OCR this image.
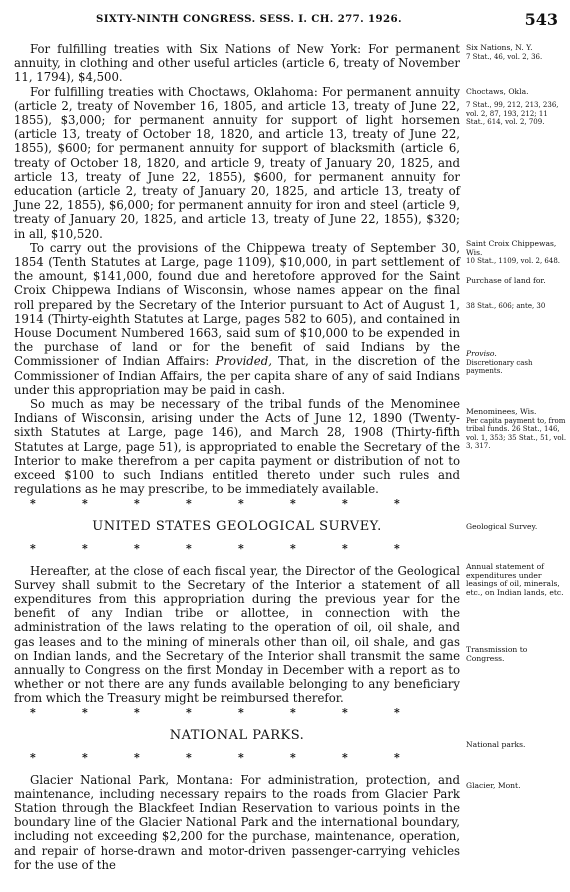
SIXTY-NINTH CONGRESS. SESS. I. CH. 277. 1926.	543

For fulfilling treaties with Six Nations of New York: For permanent annuity, in clothing and other useful articles (article 6, treaty of November 11, 1794), $4,500.

For fulfilling treaties with Choctaws, Oklahoma: For permanent annuity (article 2, treaty of November 16, 1805, and article 13, treaty of June 22, 1855), $3,000; for permanent annuity for support of light horsemen (article 13, treaty of October 18, 1820, and article 13, treaty of June 22, 1855), $600; for permanent annuity for support of blacksmith (article 6, treaty of October 18, 1820, and article 9, treaty of January 20, 1825, and article 13, treaty of June 22, 1855), $600, for permanent annuity for education (article 2, treaty of January 20, 1825, and article 13, treaty of June 22, 1855), $6,000; for permanent annuity for iron and steel (article 9, treaty of January 20, 1825, and article 13, treaty of June 22, 1855), $320; in all, $10,520.

To carry out the provisions of the Chippewa treaty of September 30, 1854 (Tenth Statutes at Large, page 1109), $10,000, in part settlement of the amount, $141,000, found due and heretofore approved for the Saint Croix Chippewa Indians of Wisconsin, whose names appear on the final roll prepared by the Secretary of the Interior pursuant to Act of August 1, 1914 (Thirty-eighth Statutes at Large, pages 582 to 605), and contained in House Document Numbered 1663, said sum of $10,000 to be expended in the purchase of land or for the benefit of said Indians by the Commissioner of Indian Affairs: Provided, That, in the discretion of the Commissioner of Indian Affairs, the per capita share of any of said Indians under this appropriation may be paid in cash.

So much as may be necessary of the tribal funds of the Menominee Indians of Wisconsin, arising under the Acts of June 12, 1890 (Twenty-sixth Statutes at Large, page 146), and March 28, 1908 (Thirty-fifth Statutes at Large, page 51), is appropriated to enable the Secretary of the Interior to make therefrom a per capita payment or distribution of not to exceed $100 to such Indians entitled thereto under such rules and regulations as he may prescribe, to be immediately available.

*	*	*	*	*	*	*	*
UNITED STATES GEOLOGICAL SURVEY.
*	*	*	*	*	*	*	*

Hereafter, at the close of each fiscal year, the Director of the Geological Survey shall submit to the Secretary of the Interior a statement of all expenditures from this appropriation during the previous year for the benefit of any Indian tribe or allottee, in connection with the administration of the laws relating to the operation of oil, oil shale, and gas leases and to the mining of minerals other than oil, oil shale, and gas on Indian lands, and the Secretary of the Interior shall transmit the same annually to Congress on the first Monday in December with a report as to whether or not there are any funds available belonging to any beneficiary from which the Treasury might be reimbursed therefor.

*	*	*	*	*	*	*	*
NATIONAL PARKS.
*	*	*	*	*	*	*	*

Glacier National Park, Montana: For administration, protection, and maintenance, including necessary repairs to the roads from Glacier Park Station through the Blackfeet Indian Reservation to various points in the boundary line of the Glacier National Park and the international boundary, including not exceeding $2,200 for the purchase, maintenance, operation, and repair of horse-drawn and motor-driven passenger-carrying vehicles for the use of the

Six Nations, N. Y.
7 Stat., 46, vol. 2, 36.
Choctaws, Okla.
7 Stat., 99, 212, 213, 236, vol. 2, 87, 193, 212; 11 Stat., 614, vol. 2, 709.
Saint Croix Chippewas, Wis.
10 Stat., 1109, vol. 2, 648.
Purchase of land for.
38 Stat., 606; ante, 30
Proviso.
Discretionary cash payments.
Menominees, Wis.
Per capita payment to, from tribal funds. 26 Stat., 146, vol. 1, 353; 35 Stat., 51, vol. 3, 317.
Geological Survey.
Annual statement of expenditures under leasings of oil, minerals, etc., on Indian lands, etc.
Transmission to Congress.
National parks.
Glacier, Mont.
